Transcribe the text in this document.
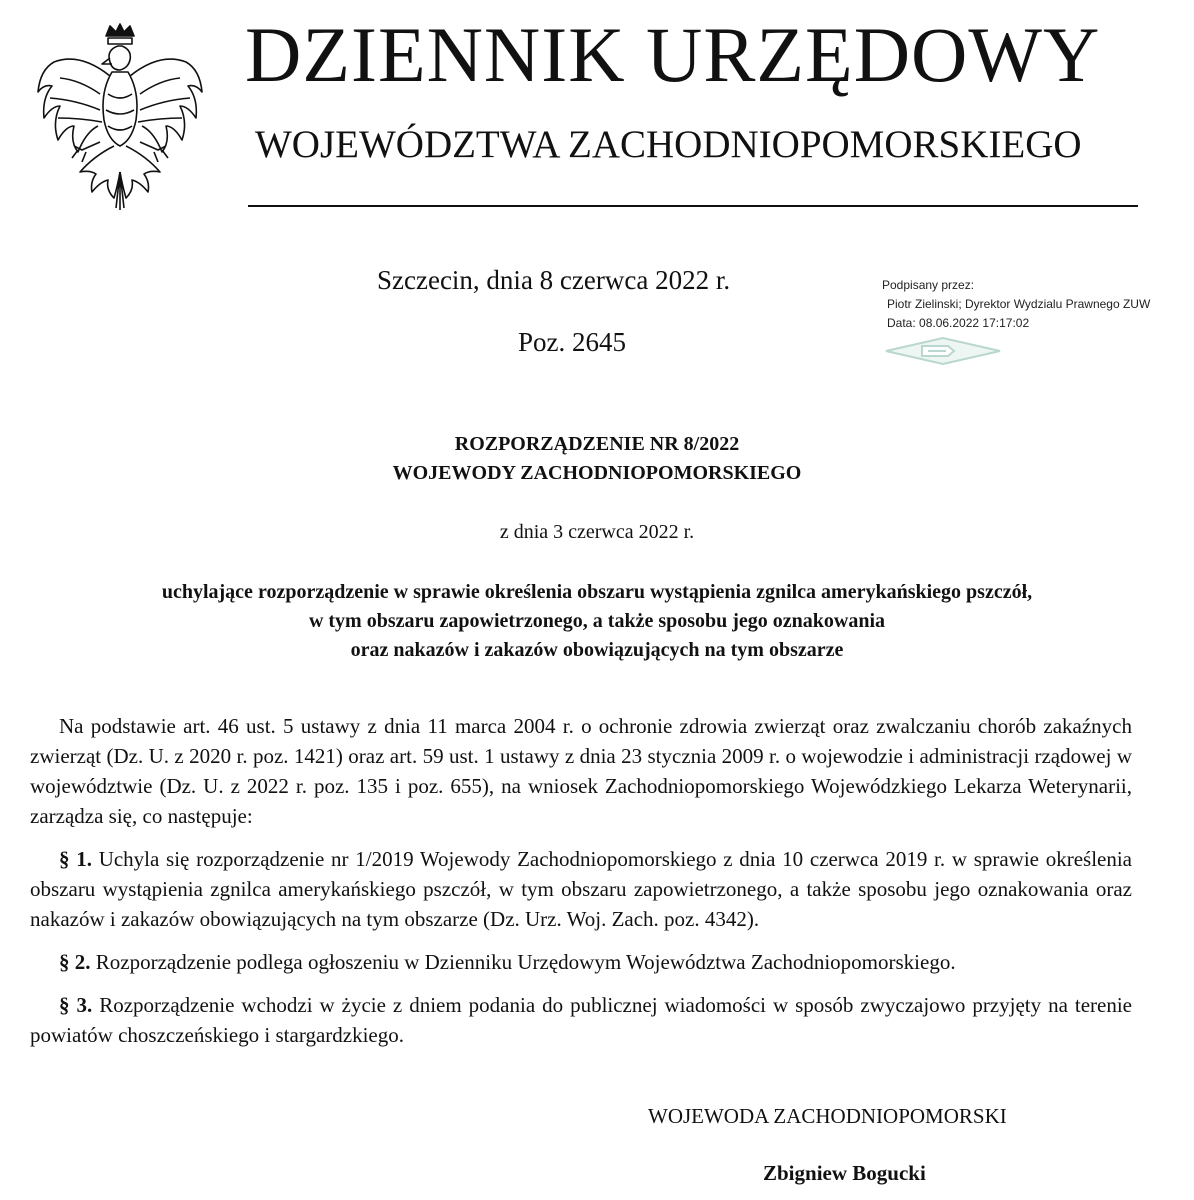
DZIENNIK URZĘDOWY
WOJEWÓDZTWA ZACHODNIOPOMORSKIEGO
Szczecin, dnia 8 czerwca 2022 r.
Poz. 2645
Podpisany przez:
Piotr Zielinski; Dyrektor Wydzialu Prawnego ZUW
Data: 08.06.2022 17:17:02
ROZPORZĄDZENIE NR 8/2022
WOJEWODY ZACHODNIOPOMORSKIEGO
z dnia 3 czerwca 2022 r.
uchylające rozporządzenie w sprawie określenia obszaru wystąpienia zgnilca amerykańskiego pszczół,
w tym obszaru zapowietrzonego, a także sposobu jego oznakowania
oraz nakazów i zakazów obowiązujących na tym obszarze

Na podstawie art. 46 ust. 5 ustawy z dnia 11 marca 2004 r. o ochronie zdrowia zwierząt oraz zwalczaniu chorób zakaźnych zwierząt (Dz. U. z 2020 r. poz. 1421) oraz art. 59 ust. 1 ustawy z dnia 23 stycznia 2009 r. o wojewodzie i administracji rządowej w województwie (Dz. U. z 2022 r. poz. 135 i poz. 655), na wniosek Zachodniopomorskiego Wojewódzkiego Lekarza Weterynarii, zarządza się, co następuje:

§ 1. Uchyla się rozporządzenie nr 1/2019 Wojewody Zachodniopomorskiego z dnia 10 czerwca 2019 r. w sprawie określenia obszaru wystąpienia zgnilca amerykańskiego pszczół, w tym obszaru zapowietrzonego, a także sposobu jego oznakowania oraz nakazów i zakazów obowiązujących na tym obszarze (Dz. Urz. Woj. Zach. poz. 4342).

§ 2. Rozporządzenie podlega ogłoszeniu w Dzienniku Urzędowym Województwa Zachodniopomorskiego.

§ 3. Rozporządzenie wchodzi w życie z dniem podania do publicznej wiadomości w sposób zwyczajowo przyjęty na terenie powiatów choszczeńskiego i stargardzkiego.

WOJEWODA ZACHODNIOPOMORSKI
Zbigniew Bogucki
